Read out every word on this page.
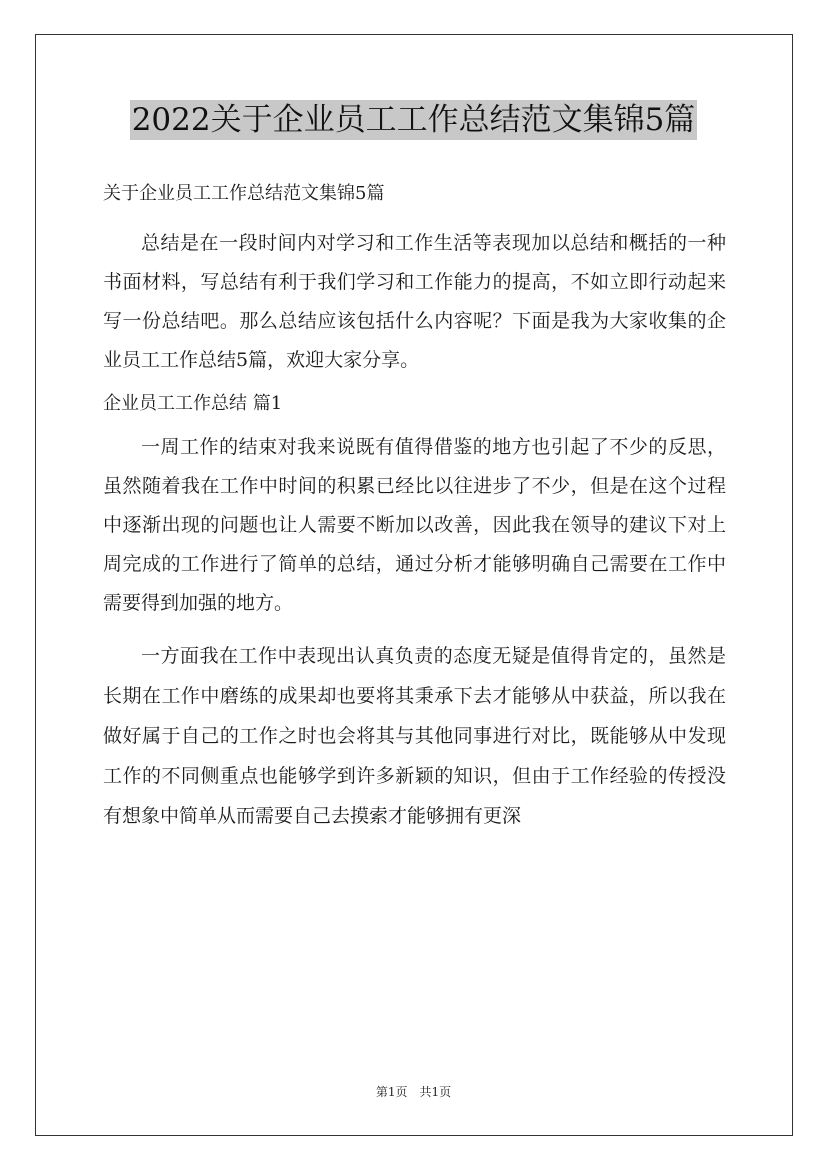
2022关于企业员工工作总结范文集锦5篇

关于企业员工工作总结范文集锦5篇

总结是在一段时间内对学习和工作生活等表现加以总结和概括的一种书面材料，写总结有利于我们学习和工作能力的提高，不如立即行动起来写一份总结吧。那么总结应该包括什么内容呢？下面是我为大家收集的企业员工工作总结5篇，欢迎大家分享。

企业员工工作总结 篇1

一周工作的结束对我来说既有值得借鉴的地方也引起了不少的反思，虽然随着我在工作中时间的积累已经比以往进步了不少，但是在这个过程中逐渐出现的问题也让人需要不断加以改善，因此我在领导的建议下对上周完成的工作进行了简单的总结，通过分析才能够明确自己需要在工作中需要得到加强的地方。

一方面我在工作中表现出认真负责的态度无疑是值得肯定的，虽然是长期在工作中磨练的成果却也要将其秉承下去才能够从中获益，所以我在做好属于自己的工作之时也会将其与其他同事进行对比，既能够从中发现工作的不同侧重点也能够学到许多新颖的知识，但由于工作经验的传授没有想象中简单从而需要自己去摸索才能够拥有更深

第1页　共1页
